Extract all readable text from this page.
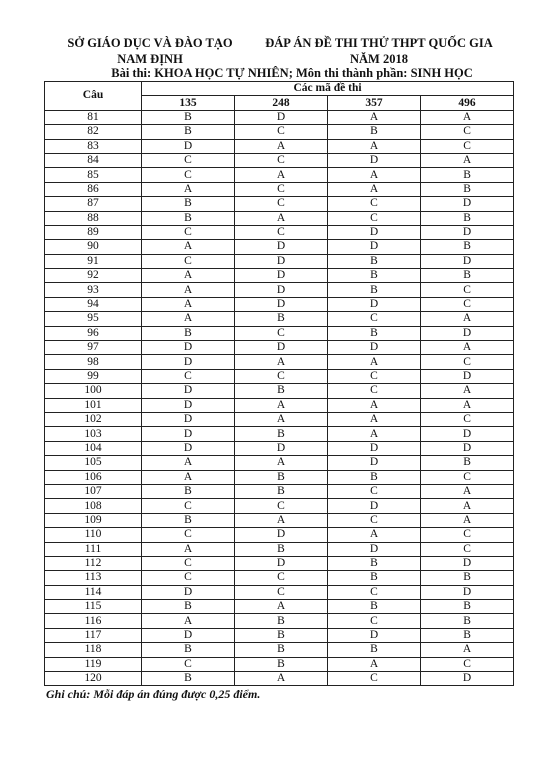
SỞ GIÁO DỤC VÀ ĐÀO TẠO
NAM ĐỊNH
ĐÁP ÁN ĐỀ THI THỬ THPT QUỐC GIA
NĂM 2018
Bài thi: KHOA HỌC TỰ NHIÊN; Môn thi thành phần: SINH HỌC
Câu	Các mã đề thi			
	135	248	357	496
81	B	D	A	A
82	B	C	B	C
83	D	A	A	C
84	C	C	D	A
85	C	A	A	B
86	A	C	A	B
87	B	C	C	D
88	B	A	C	B
89	C	C	D	D
90	A	D	D	B
91	C	D	B	D
92	A	D	B	B
93	A	D	B	C
94	A	D	D	C
95	A	B	C	A
96	B	C	B	D
97	D	D	D	A
98	D	A	A	C
99	C	C	C	D
100	D	B	C	A
101	D	A	A	A
102	D	A	A	C
103	D	B	A	D
104	D	D	D	D
105	A	A	D	B
106	A	B	B	C
107	B	B	C	A
108	C	C	D	A
109	B	A	C	A
110	C	D	A	C
111	A	B	D	C
112	C	D	B	D
113	C	C	B	B
114	D	C	C	D
115	B	A	B	B
116	A	B	C	B
117	D	B	D	B
118	B	B	B	A
119	C	B	A	C
120	B	A	C	D
Ghi chú: Mỗi đáp án đúng được 0,25 điểm.
